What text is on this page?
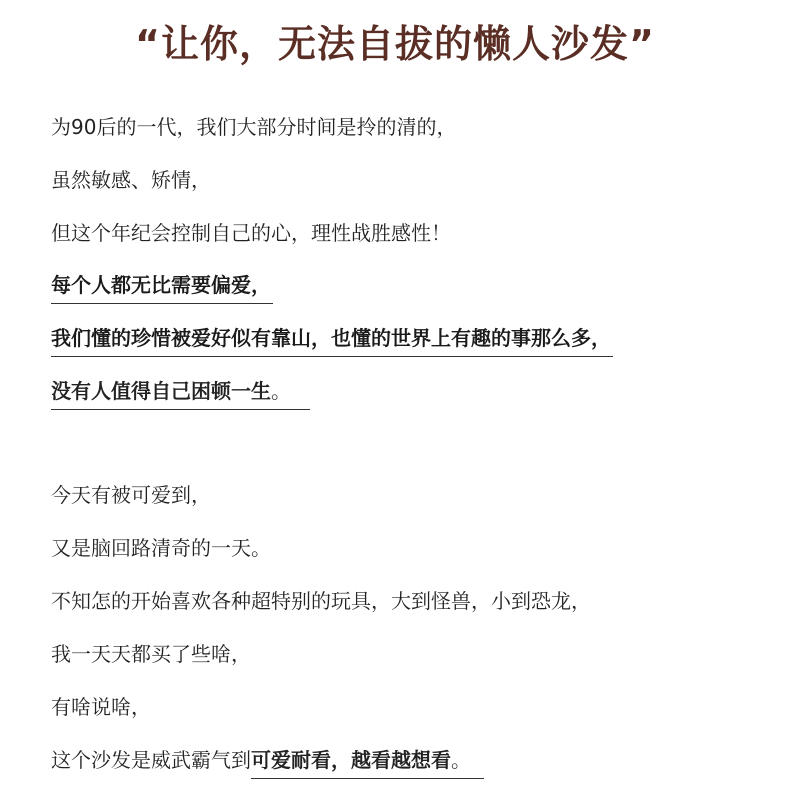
“让你，无法自拔的懒人沙发”
为90后的一代，我们大部分时间是拎的清的，
虽然敏感、矫情，
但这个年纪会控制自己的心，理性战胜感性！
每个人都无比需要偏爱，
我们懂的珍惜被爱好似有靠山，也懂的世界上有趣的事那么多，
没有人值得自己困顿一生。
今天有被可爱到，
又是脑回路清奇的一天。
不知怎的开始喜欢各种超特别的玩具，大到怪兽，小到恐龙，
我一天天都买了些啥，
有啥说啥，
这个沙发是威武霸气到可爱耐看，越看越想看。
